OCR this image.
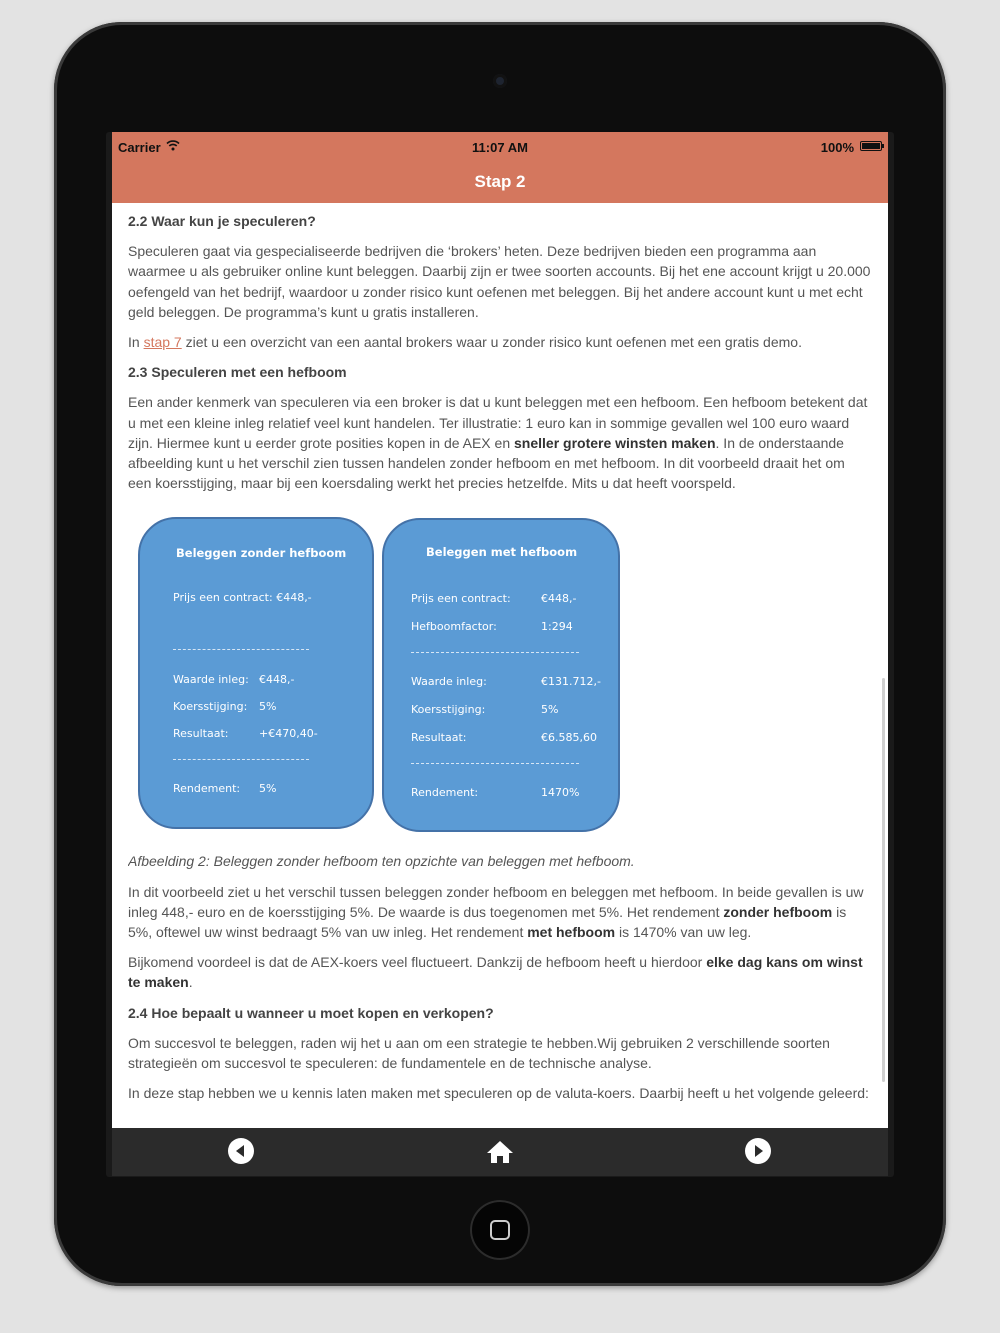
Carrier	11:07 AM	100%
Stap 2
2.2 Waar kun je speculeren?

Speculeren gaat via gespecialiseerde bedrijven die ‘brokers’ heten. Deze bedrijven bieden een programma aan waarmee u als gebruiker online kunt beleggen. Daarbij zijn er twee soorten accounts. Bij het ene account krijgt u 20.000 oefengeld van het bedrijf, waardoor u zonder risico kunt oefenen met beleggen. Bij het andere account kunt u met echt geld beleggen. De programma’s kunt u gratis installeren.

In stap 7 ziet u een overzicht van een aantal brokers waar u zonder risico kunt oefenen met een gratis demo.

2.3 Speculeren met een hefboom

Een ander kenmerk van speculeren via een broker is dat u kunt beleggen met een hefboom. Een hefboom betekent dat u met een kleine inleg relatief veel kunt handelen. Ter illustratie: 1 euro kan in sommige gevallen wel 100 euro waard zijn. Hiermee kunt u eerder grote posities kopen in de AEX en sneller grotere winsten maken. In de onderstaande afbeelding kunt u het verschil zien tussen handelen zonder hefboom en met hefboom. In dit voorbeeld draait het om een koersstijging, maar bij een koersdaling werkt het precies hetzelfde. Mits u dat heeft voorspeld.

Beleggen zonder hefboom
Prijs een contract: €448,-
Waarde inleg: €448,-
Koersstijging: 5%
Resultaat:	+€470,40-
Rendement: 5%
Beleggen met hefboom
Prijs een contract:	€448,-
Hefboomfactor:	1:294
Waarde inleg:	€131.712,-
Koersstijging:	5%
Resultaat:	€6.585,60
Rendement:	1470%

Afbeelding 2: Beleggen zonder hefboom ten opzichte van beleggen met hefboom.

In dit voorbeeld ziet u het verschil tussen beleggen zonder hefboom en beleggen met hefboom. In beide gevallen is uw inleg 448,- euro en de koersstijging 5%. De waarde is dus toegenomen met 5%. Het rendement zonder hefboom is 5%, oftewel uw winst bedraagt 5% van uw inleg. Het rendement met hefboom is 1470% van uw leg.

Bijkomend voordeel is dat de AEX-koers veel fluctueert. Dankzij de hefboom heeft u hierdoor elke dag kans om winst te maken.

2.4 Hoe bepaalt u wanneer u moet kopen en verkopen?

Om succesvol te beleggen, raden wij het u aan om een strategie te hebben.Wij gebruiken 2 verschillende soorten strategieën om succesvol te speculeren: de fundamentele en de technische analyse.

In deze stap hebben we u kennis laten maken met speculeren op de valuta-koers. Daarbij heeft u het volgende geleerd:
